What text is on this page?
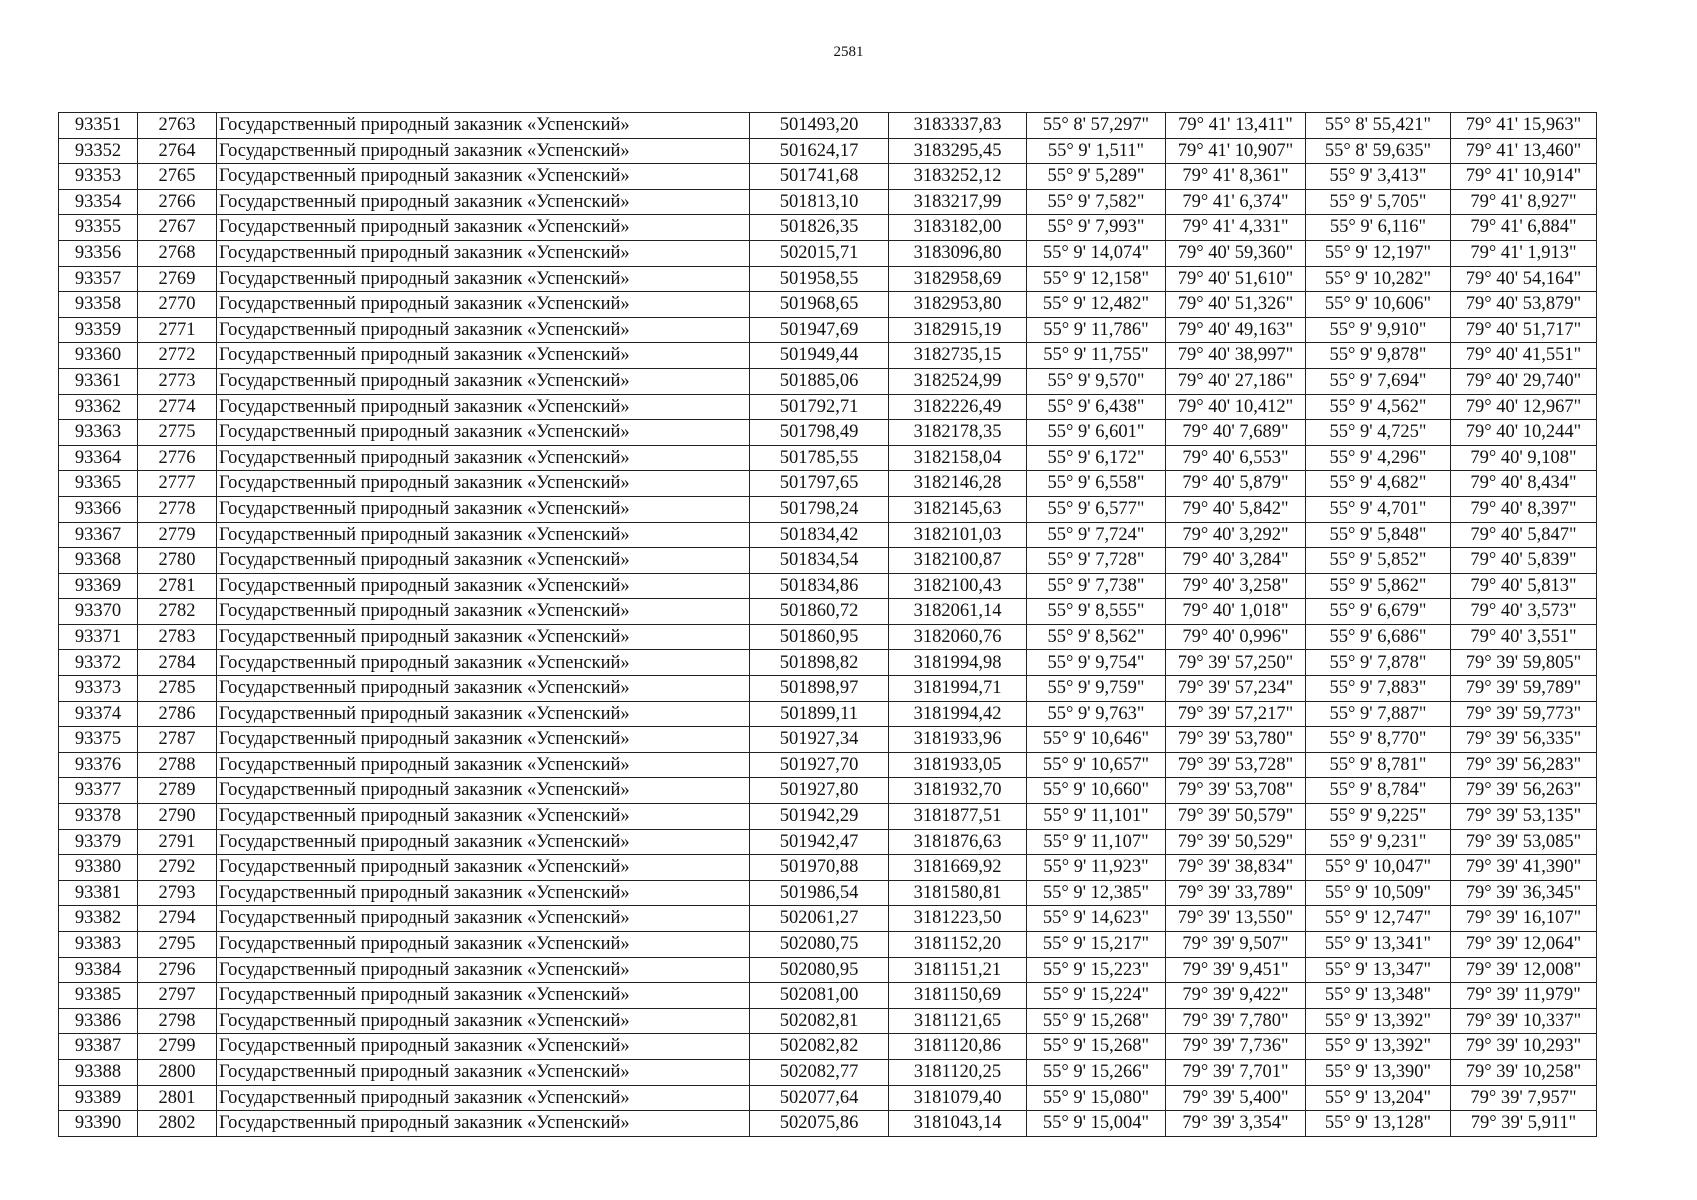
2581
93351	2763	Государственный природный заказник «Успенский»	501493,20	3183337,83	55° 8' 57,297"	79° 41' 13,411"	55° 8' 55,421"	79° 41' 15,963"
93352	2764	Государственный природный заказник «Успенский»	501624,17	3183295,45	55° 9' 1,511"	79° 41' 10,907"	55° 8' 59,635"	79° 41' 13,460"
93353	2765	Государственный природный заказник «Успенский»	501741,68	3183252,12	55° 9' 5,289"	79° 41' 8,361"	55° 9' 3,413"	79° 41' 10,914"
93354	2766	Государственный природный заказник «Успенский»	501813,10	3183217,99	55° 9' 7,582"	79° 41' 6,374"	55° 9' 5,705"	79° 41' 8,927"
93355	2767	Государственный природный заказник «Успенский»	501826,35	3183182,00	55° 9' 7,993"	79° 41' 4,331"	55° 9' 6,116"	79° 41' 6,884"
93356	2768	Государственный природный заказник «Успенский»	502015,71	3183096,80	55° 9' 14,074"	79° 40' 59,360"	55° 9' 12,197"	79° 41' 1,913"
93357	2769	Государственный природный заказник «Успенский»	501958,55	3182958,69	55° 9' 12,158"	79° 40' 51,610"	55° 9' 10,282"	79° 40' 54,164"
93358	2770	Государственный природный заказник «Успенский»	501968,65	3182953,80	55° 9' 12,482"	79° 40' 51,326"	55° 9' 10,606"	79° 40' 53,879"
93359	2771	Государственный природный заказник «Успенский»	501947,69	3182915,19	55° 9' 11,786"	79° 40' 49,163"	55° 9' 9,910"	79° 40' 51,717"
93360	2772	Государственный природный заказник «Успенский»	501949,44	3182735,15	55° 9' 11,755"	79° 40' 38,997"	55° 9' 9,878"	79° 40' 41,551"
93361	2773	Государственный природный заказник «Успенский»	501885,06	3182524,99	55° 9' 9,570"	79° 40' 27,186"	55° 9' 7,694"	79° 40' 29,740"
93362	2774	Государственный природный заказник «Успенский»	501792,71	3182226,49	55° 9' 6,438"	79° 40' 10,412"	55° 9' 4,562"	79° 40' 12,967"
93363	2775	Государственный природный заказник «Успенский»	501798,49	3182178,35	55° 9' 6,601"	79° 40' 7,689"	55° 9' 4,725"	79° 40' 10,244"
93364	2776	Государственный природный заказник «Успенский»	501785,55	3182158,04	55° 9' 6,172"	79° 40' 6,553"	55° 9' 4,296"	79° 40' 9,108"
93365	2777	Государственный природный заказник «Успенский»	501797,65	3182146,28	55° 9' 6,558"	79° 40' 5,879"	55° 9' 4,682"	79° 40' 8,434"
93366	2778	Государственный природный заказник «Успенский»	501798,24	3182145,63	55° 9' 6,577"	79° 40' 5,842"	55° 9' 4,701"	79° 40' 8,397"
93367	2779	Государственный природный заказник «Успенский»	501834,42	3182101,03	55° 9' 7,724"	79° 40' 3,292"	55° 9' 5,848"	79° 40' 5,847"
93368	2780	Государственный природный заказник «Успенский»	501834,54	3182100,87	55° 9' 7,728"	79° 40' 3,284"	55° 9' 5,852"	79° 40' 5,839"
93369	2781	Государственный природный заказник «Успенский»	501834,86	3182100,43	55° 9' 7,738"	79° 40' 3,258"	55° 9' 5,862"	79° 40' 5,813"
93370	2782	Государственный природный заказник «Успенский»	501860,72	3182061,14	55° 9' 8,555"	79° 40' 1,018"	55° 9' 6,679"	79° 40' 3,573"
93371	2783	Государственный природный заказник «Успенский»	501860,95	3182060,76	55° 9' 8,562"	79° 40' 0,996"	55° 9' 6,686"	79° 40' 3,551"
93372	2784	Государственный природный заказник «Успенский»	501898,82	3181994,98	55° 9' 9,754"	79° 39' 57,250"	55° 9' 7,878"	79° 39' 59,805"
93373	2785	Государственный природный заказник «Успенский»	501898,97	3181994,71	55° 9' 9,759"	79° 39' 57,234"	55° 9' 7,883"	79° 39' 59,789"
93374	2786	Государственный природный заказник «Успенский»	501899,11	3181994,42	55° 9' 9,763"	79° 39' 57,217"	55° 9' 7,887"	79° 39' 59,773"
93375	2787	Государственный природный заказник «Успенский»	501927,34	3181933,96	55° 9' 10,646"	79° 39' 53,780"	55° 9' 8,770"	79° 39' 56,335"
93376	2788	Государственный природный заказник «Успенский»	501927,70	3181933,05	55° 9' 10,657"	79° 39' 53,728"	55° 9' 8,781"	79° 39' 56,283"
93377	2789	Государственный природный заказник «Успенский»	501927,80	3181932,70	55° 9' 10,660"	79° 39' 53,708"	55° 9' 8,784"	79° 39' 56,263"
93378	2790	Государственный природный заказник «Успенский»	501942,29	3181877,51	55° 9' 11,101"	79° 39' 50,579"	55° 9' 9,225"	79° 39' 53,135"
93379	2791	Государственный природный заказник «Успенский»	501942,47	3181876,63	55° 9' 11,107"	79° 39' 50,529"	55° 9' 9,231"	79° 39' 53,085"
93380	2792	Государственный природный заказник «Успенский»	501970,88	3181669,92	55° 9' 11,923"	79° 39' 38,834"	55° 9' 10,047"	79° 39' 41,390"
93381	2793	Государственный природный заказник «Успенский»	501986,54	3181580,81	55° 9' 12,385"	79° 39' 33,789"	55° 9' 10,509"	79° 39' 36,345"
93382	2794	Государственный природный заказник «Успенский»	502061,27	3181223,50	55° 9' 14,623"	79° 39' 13,550"	55° 9' 12,747"	79° 39' 16,107"
93383	2795	Государственный природный заказник «Успенский»	502080,75	3181152,20	55° 9' 15,217"	79° 39' 9,507"	55° 9' 13,341"	79° 39' 12,064"
93384	2796	Государственный природный заказник «Успенский»	502080,95	3181151,21	55° 9' 15,223"	79° 39' 9,451"	55° 9' 13,347"	79° 39' 12,008"
93385	2797	Государственный природный заказник «Успенский»	502081,00	3181150,69	55° 9' 15,224"	79° 39' 9,422"	55° 9' 13,348"	79° 39' 11,979"
93386	2798	Государственный природный заказник «Успенский»	502082,81	3181121,65	55° 9' 15,268"	79° 39' 7,780"	55° 9' 13,392"	79° 39' 10,337"
93387	2799	Государственный природный заказник «Успенский»	502082,82	3181120,86	55° 9' 15,268"	79° 39' 7,736"	55° 9' 13,392"	79° 39' 10,293"
93388	2800	Государственный природный заказник «Успенский»	502082,77	3181120,25	55° 9' 15,266"	79° 39' 7,701"	55° 9' 13,390"	79° 39' 10,258"
93389	2801	Государственный природный заказник «Успенский»	502077,64	3181079,40	55° 9' 15,080"	79° 39' 5,400"	55° 9' 13,204"	79° 39' 7,957"
93390	2802	Государственный природный заказник «Успенский»	502075,86	3181043,14	55° 9' 15,004"	79° 39' 3,354"	55° 9' 13,128"	79° 39' 5,911"
